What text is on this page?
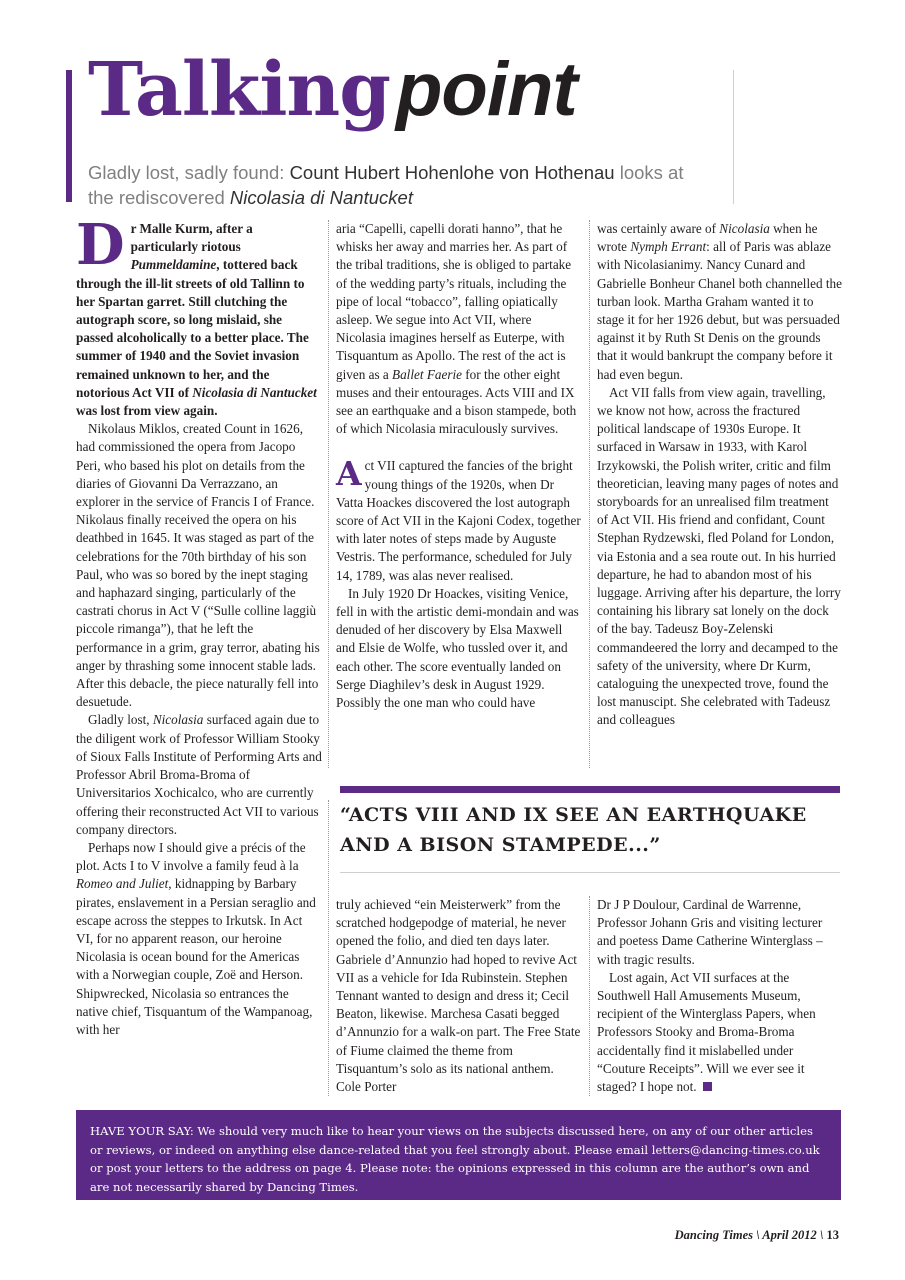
Talkingpoint
Gladly lost, sadly found: Count Hubert Hohenlohe von Hothenau looks at the rediscovered Nicolasia di Nantucket

Dr Malle Kurm, after a particularly riotous Pummeldamine, tottered back through the ill-lit streets of old Tallinn to her Spartan garret. Still clutching the autograph score, so long mislaid, she passed alcoholically to a better place. The summer of 1940 and the Soviet invasion remained unknown to her, and the notorious Act VII of Nicolasia di Nantucket was lost from view again.

Nikolaus Miklos, created Count in 1626, had commissioned the opera from Jacopo Peri, who based his plot on details from the diaries of Giovanni Da Verrazzano, an explorer in the service of Francis I of France. Nikolaus finally received the opera on his deathbed in 1645. It was staged as part of the celebrations for the 70th birthday of his son Paul, who was so bored by the inept staging and haphazard singing, particularly of the castrati chorus in Act V (“Sulle colline laggiù piccole rimanga”), that he left the performance in a grim, gray terror, abating his anger by thrashing some innocent stable lads. After this debacle, the piece naturally fell into desuetude.

Gladly lost, Nicolasia surfaced again due to the diligent work of Professor William Stooky of Sioux Falls Institute of Performing Arts and Professor Abril Broma-Broma of Universitarios Xochicalco, who are currently offering their reconstructed Act VII to various company directors.

Perhaps now I should give a précis of the plot. Acts I to V involve a family feud à la Romeo and Juliet, kidnapping by Barbary pirates, enslavement in a Persian seraglio and escape across the steppes to Irkutsk. In Act VI, for no apparent reason, our heroine Nicolasia is ocean bound for the Americas with a Norwegian couple, Zoë and Herson. Shipwrecked, Nicolasia so entrances the native chief, Tisquantum of the Wampanoag, with her

aria “Capelli, capelli dorati hanno”, that he whisks her away and marries her. As part of the tribal traditions, she is obliged to partake of the wedding party’s rituals, including the pipe of local “tobacco”, falling opiatically asleep. We segue into Act VII, where Nicolasia imagines herself as Euterpe, with Tisquantum as Apollo. The rest of the act is given as a Ballet Faerie for the other eight muses and their entourages. Acts VIII and IX see an earthquake and a bison stampede, both of which Nicolasia miraculously survives.

Act VII captured the fancies of the bright young things of the 1920s, when Dr Vatta Hoackes discovered the lost autograph score of Act VII in the Kajoni Codex, together with later notes of steps made by Auguste Vestris. The performance, scheduled for July 14, 1789, was alas never realised.

In July 1920 Dr Hoackes, visiting Venice, fell in with the artistic demi-mondain and was denuded of her discovery by Elsa Maxwell and Elsie de Wolfe, who tussled over it, and each other. The score eventually landed on Serge Diaghilev’s desk in August 1929. Possibly the one man who could have

was certainly aware of Nicolasia when he wrote Nymph Errant: all of Paris was ablaze with Nicolasianimy. Nancy Cunard and Gabrielle Bonheur Chanel both channelled the turban look. Martha Graham wanted it to stage it for her 1926 debut, but was persuaded against it by Ruth St Denis on the grounds that it would bankrupt the company before it had even begun.

Act VII falls from view again, travelling, we know not how, across the fractured political landscape of 1930s Europe. It surfaced in Warsaw in 1933, with Karol Irzykowski, the Polish writer, critic and film theoretician, leaving many pages of notes and storyboards for an unrealised film treatment of Act VII. His friend and confidant, Count Stephan Rydzewski, fled Poland for London, via Estonia and a sea route out. In his hurried departure, he had to abandon most of his luggage. Arriving after his departure, the lorry containing his library sat lonely on the dock of the bay. Tadeusz Boy-Zelenski commandeered the lorry and decamped to the safety of the university, where Dr Kurm, cataloguing the unexpected trove, found the lost manuscipt. She celebrated with Tadeusz and colleagues

“ACTS VIII AND IX SEE AN EARTHQUAKE AND A BISON STAMPEDE...”

truly achieved “ein Meisterwerk” from the scratched hodgepodge of material, he never opened the folio, and died ten days later. Gabriele d’Annunzio had hoped to revive Act VII as a vehicle for Ida Rubinstein. Stephen Tennant wanted to design and dress it; Cecil Beaton, likewise. Marchesa Casati begged d’Annunzio for a walk-on part. The Free State of Fiume claimed the theme from Tisquantum’s solo as its national anthem. Cole Porter

Dr J P Doulour, Cardinal de Warrenne, Professor Johann Gris and visiting lecturer and poetess Dame Catherine Winterglass – with tragic results.

Lost again, Act VII surfaces at the Southwell Hall Amusements Museum, recipient of the Winterglass Papers, when Professors Stooky and Broma-Broma accidentally find it mislabelled under “Couture Receipts”. Will we ever see it staged? I hope not.

HAVE YOUR SAY: We should very much like to hear your views on the subjects discussed here, on any of our other articles or reviews, or indeed on anything else dance-related that you feel strongly about. Please email letters@dancing-times.co.uk or post your letters to the address on page 4. Please note: the opinions expressed in this column are the author’s own and are not necessarily shared by Dancing Times.
Dancing Times \ April 2012 \ 13
